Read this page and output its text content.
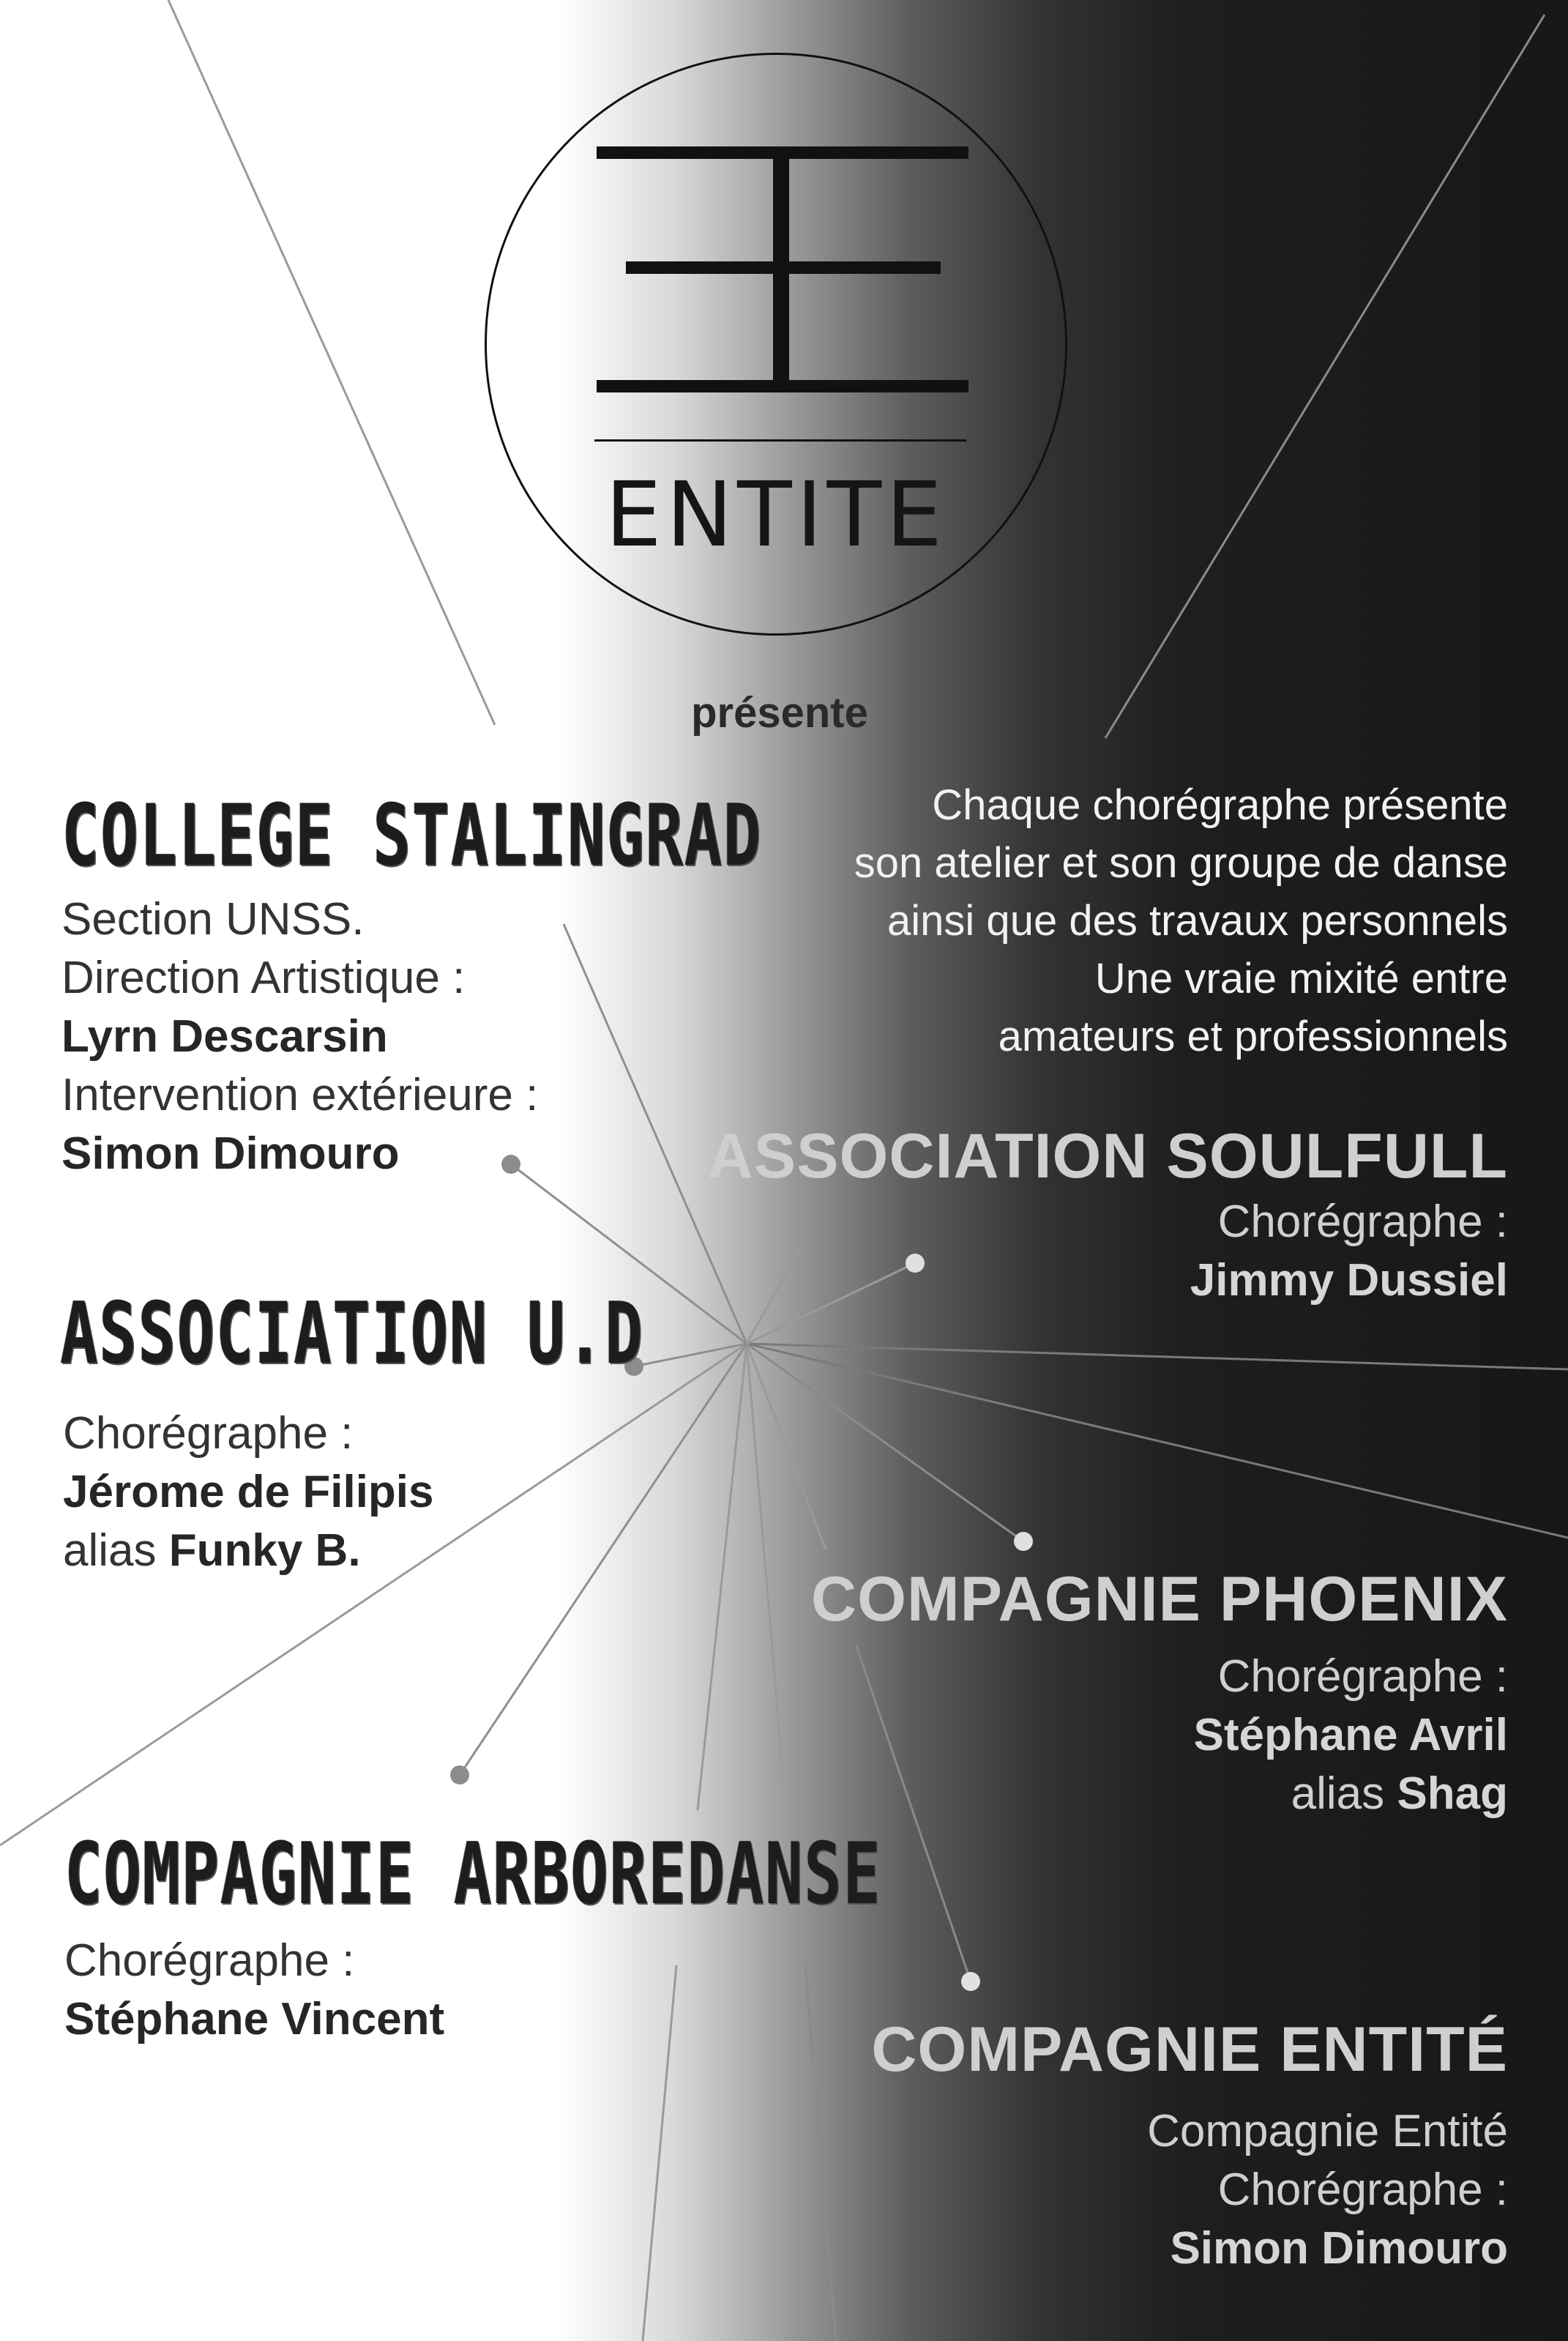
ENTITE
présente
Chaque chorégraphe présente
son atelier et son groupe de danse
ainsi que des travaux personnels
Une vraie mixité entre
amateurs et professionnels
COLLEGE STALINGRAD
Section UNSS.
Direction Artistique :
Lyrn Descarsin
Intervention extérieure :
Simon Dimouro
ASSOCIATION U.D
Chorégraphe :
Jérome de Filipis
alias Funky B.
COMPAGNIE ARBOREDANSE
Chorégraphe :
Stéphane Vincent
ASSOCIATION SOULFULL
Chorégraphe :
Jimmy Dussiel
COMPAGNIE PHOENIX
Chorégraphe :
Stéphane Avril
alias Shag
COMPAGNIE ENTITÉ
Compagnie Entité
Chorégraphe :
Simon Dimouro
